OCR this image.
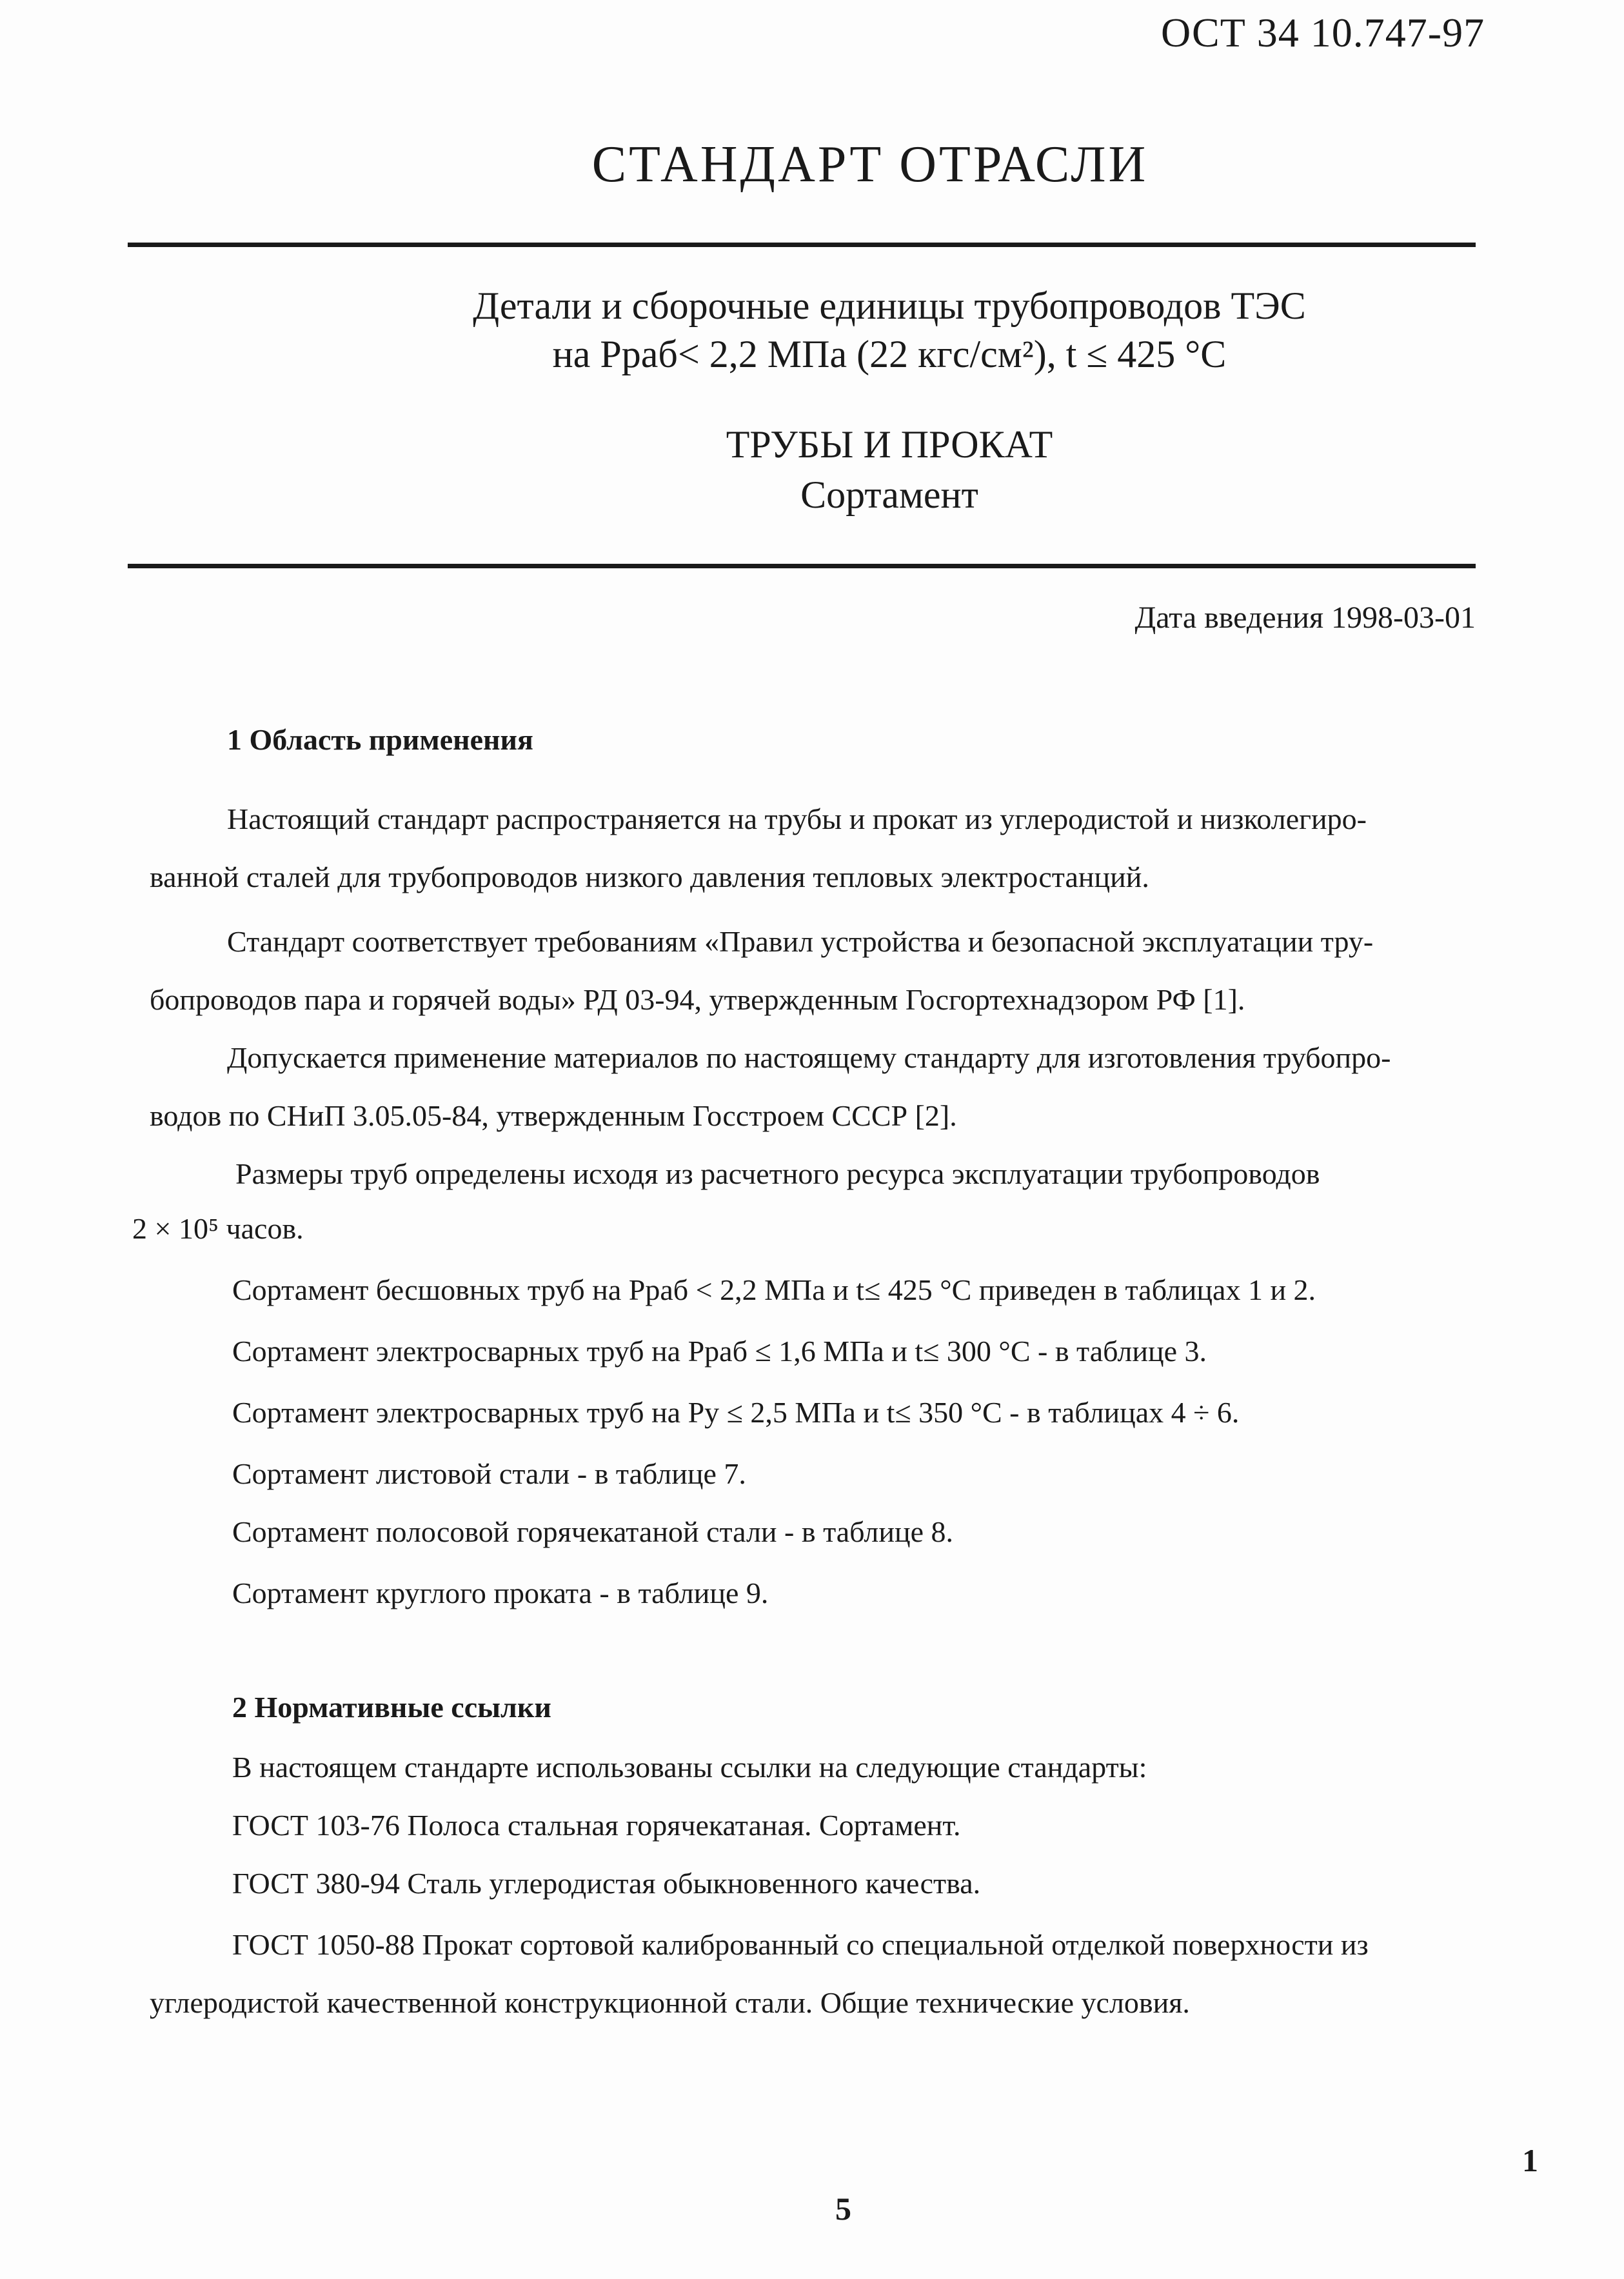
ОСТ 34 10.747-97
СТАНДАРТ ОТРАСЛИ
Детали и сборочные единицы трубопроводов ТЭС
на Рраб< 2,2 МПа (22 кгс/см²), t ≤ 425 °С
ТРУБЫ И ПРОКАТ
Сортамент
Дата введения 1998-03-01
1 Область применения
Настоящий стандарт распространяется на трубы и прокат из углеродистой и низколегиро-
ванной сталей для трубопроводов низкого давления тепловых электростанций.
Стандарт соответствует требованиям «Правил устройства и безопасной эксплуатации тру-
бопроводов пара и горячей воды» РД 03-94, утвержденным Госгортехнадзором РФ [1].
Допускается применение материалов по настоящему стандарту для изготовления трубопро-
водов по СНиП 3.05.05-84, утвержденным Госстроем СССР [2].
Размеры труб определены исходя из расчетного ресурса эксплуатации трубопроводов
2 × 10⁵ часов.
Сортамент бесшовных труб на Рраб < 2,2 МПа и t≤ 425 °С приведен в таблицах 1 и 2.
Сортамент электросварных труб на Рраб ≤ 1,6 МПа и t≤ 300 °С - в таблице 3.
Сортамент электросварных труб на Ру ≤ 2,5 МПа и t≤ 350 °С - в таблицах 4 ÷ 6.
Сортамент листовой стали - в таблице 7.
Сортамент полосовой горячекатаной стали - в таблице 8.
Сортамент круглого проката - в таблице 9.
2 Нормативные ссылки
В настоящем стандарте использованы ссылки на следующие стандарты:
ГОСТ 103-76 Полоса стальная горячекатаная. Сортамент.
ГОСТ 380-94 Сталь углеродистая обыкновенного качества.
ГОСТ 1050-88 Прокат сортовой калиброванный со специальной отделкой поверхности из
углеродистой качественной конструкционной стали. Общие технические условия.
1
5
